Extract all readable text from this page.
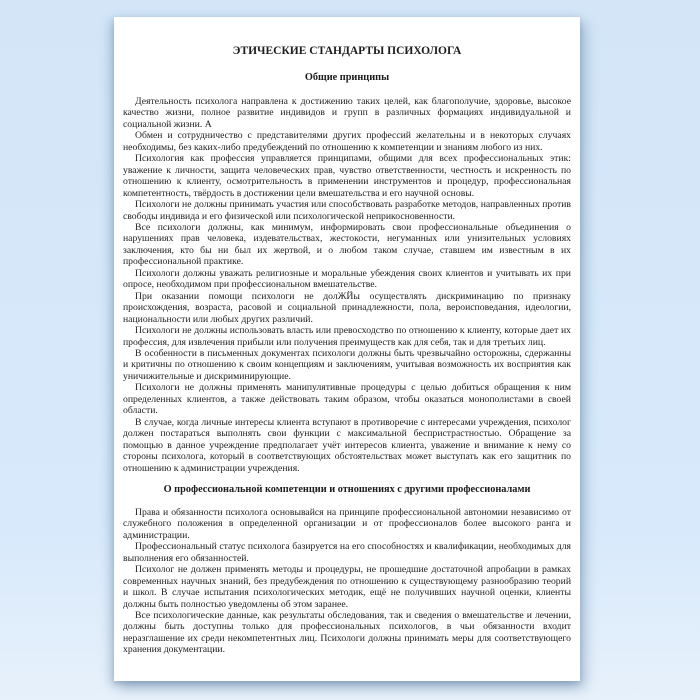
ЭТИЧЕСКИЕ СТАНДАРТЫ ПСИХОЛОГА
Общие принципы

Деятельность психолога направлена к достижению таких целей, как благополучие, здоровье, высокое качество жизни, полное развитие индивидов и групп в различных формациях индивидуальной и социальной жизни. А

Обмен и сотрудничество с представителями других профессий желательны и в некоторых случаях необходимы, без каких-либо предубеждений по отношению к компетенции и знаниям любого из них.

Психология как профессия управляется принципами, общими для всех профессиональных этик: уважение к личности, защита человеческих прав, чувство ответственности, честность и искренность по отношению к клиенту, осмотрительность в применении инструментов и процедур, профессиональная компетентность, твёрдость в достижении цели вмешательства и его научной основы.

Психологи не должны принимать участия или способствовать разработке методов, направленных против свободы индивида и его физической или психологической неприкосновенности.

Все психологи должны, как минимум, информировать свои профессиональные объединения о нарушениях прав человека, издевательствах, жестокости, негуманных или унизительных условиях заключения, кто бы ни был их жертвой, и о любом таком случае, ставшем им известным в их профессиональной практике.

Психологи должны уважать религиозные и моральные убеждения своих клиентов и учитывать их при опросе, необходимом при профессиональном вмешательстве.

При оказании помощи психологи не долЖЙы осуществлять дискриминацию по признаку происхождения, возраста, расовой и социальной принадлежности, пола, вероисповедания, идеологии, национальности или любых других различий.

Психологи не должны использовать власть или превосходство по отношению к клиенту, которые дает их профессия, для извлечения прибыли или получения преимуществ как для себя, так и для третьих лиц.

В особенности в письменных документах психологи должны быть чрезвычайно осторожны, сдержанны и критичны по отношению к своим концепциям и заключениям, учитывая возможность их восприятия как уничижительные и дискриминирующие.

Психологи не должны применять манипулятивные процедуры с целью добиться обращения к ним определенных клиентов, а также действовать таким образом, чтобы оказаться монополистами в своей области.

В случае, когда личные интересы клиента вступают в противоречие с интересами учреждения, психолог должен постараться выполнять свои функции с максимальной беспристрастностью. Обращение за помощью в данное учреждение предполагает учёт интересов клиента, уважение и внимание к нему со стороны психолога, который в соответствующих обстоятельствах может выступать как его защитник по отношению к администрации учреждения.

О профессиональной компетенции и отношениях с другими профессионалами

Права и обязанности психолога основывайся на принципе профессиональной автономии независимо от служебного положения в определенной организации и от профессионалов более высокого ранга и администрации.

Профессиональный статус психолога базируется на его способностях и квалификации, необходимых для выполнения его обязанностей.

Психолог не должен применять методы и процедуры, не прошедшие достаточной апробации в рамках современных научных знаний, без предубеждения по отношению к существующему разнообразию теорий и школ. В случае испытания психологических методик, ещё не получивших научной оценки, клиенты должны быть полностью уведомлены об этом заранее.

Все психологические данные, как результаты обследования, так и сведения о вмешательстве и лечении, должны быть доступны только для профессиональных психологов, в чьи обязанности входит неразглашение их среди некомпетентных лиц. Психологи должны принимать меры для соответствующего хранения документации.
